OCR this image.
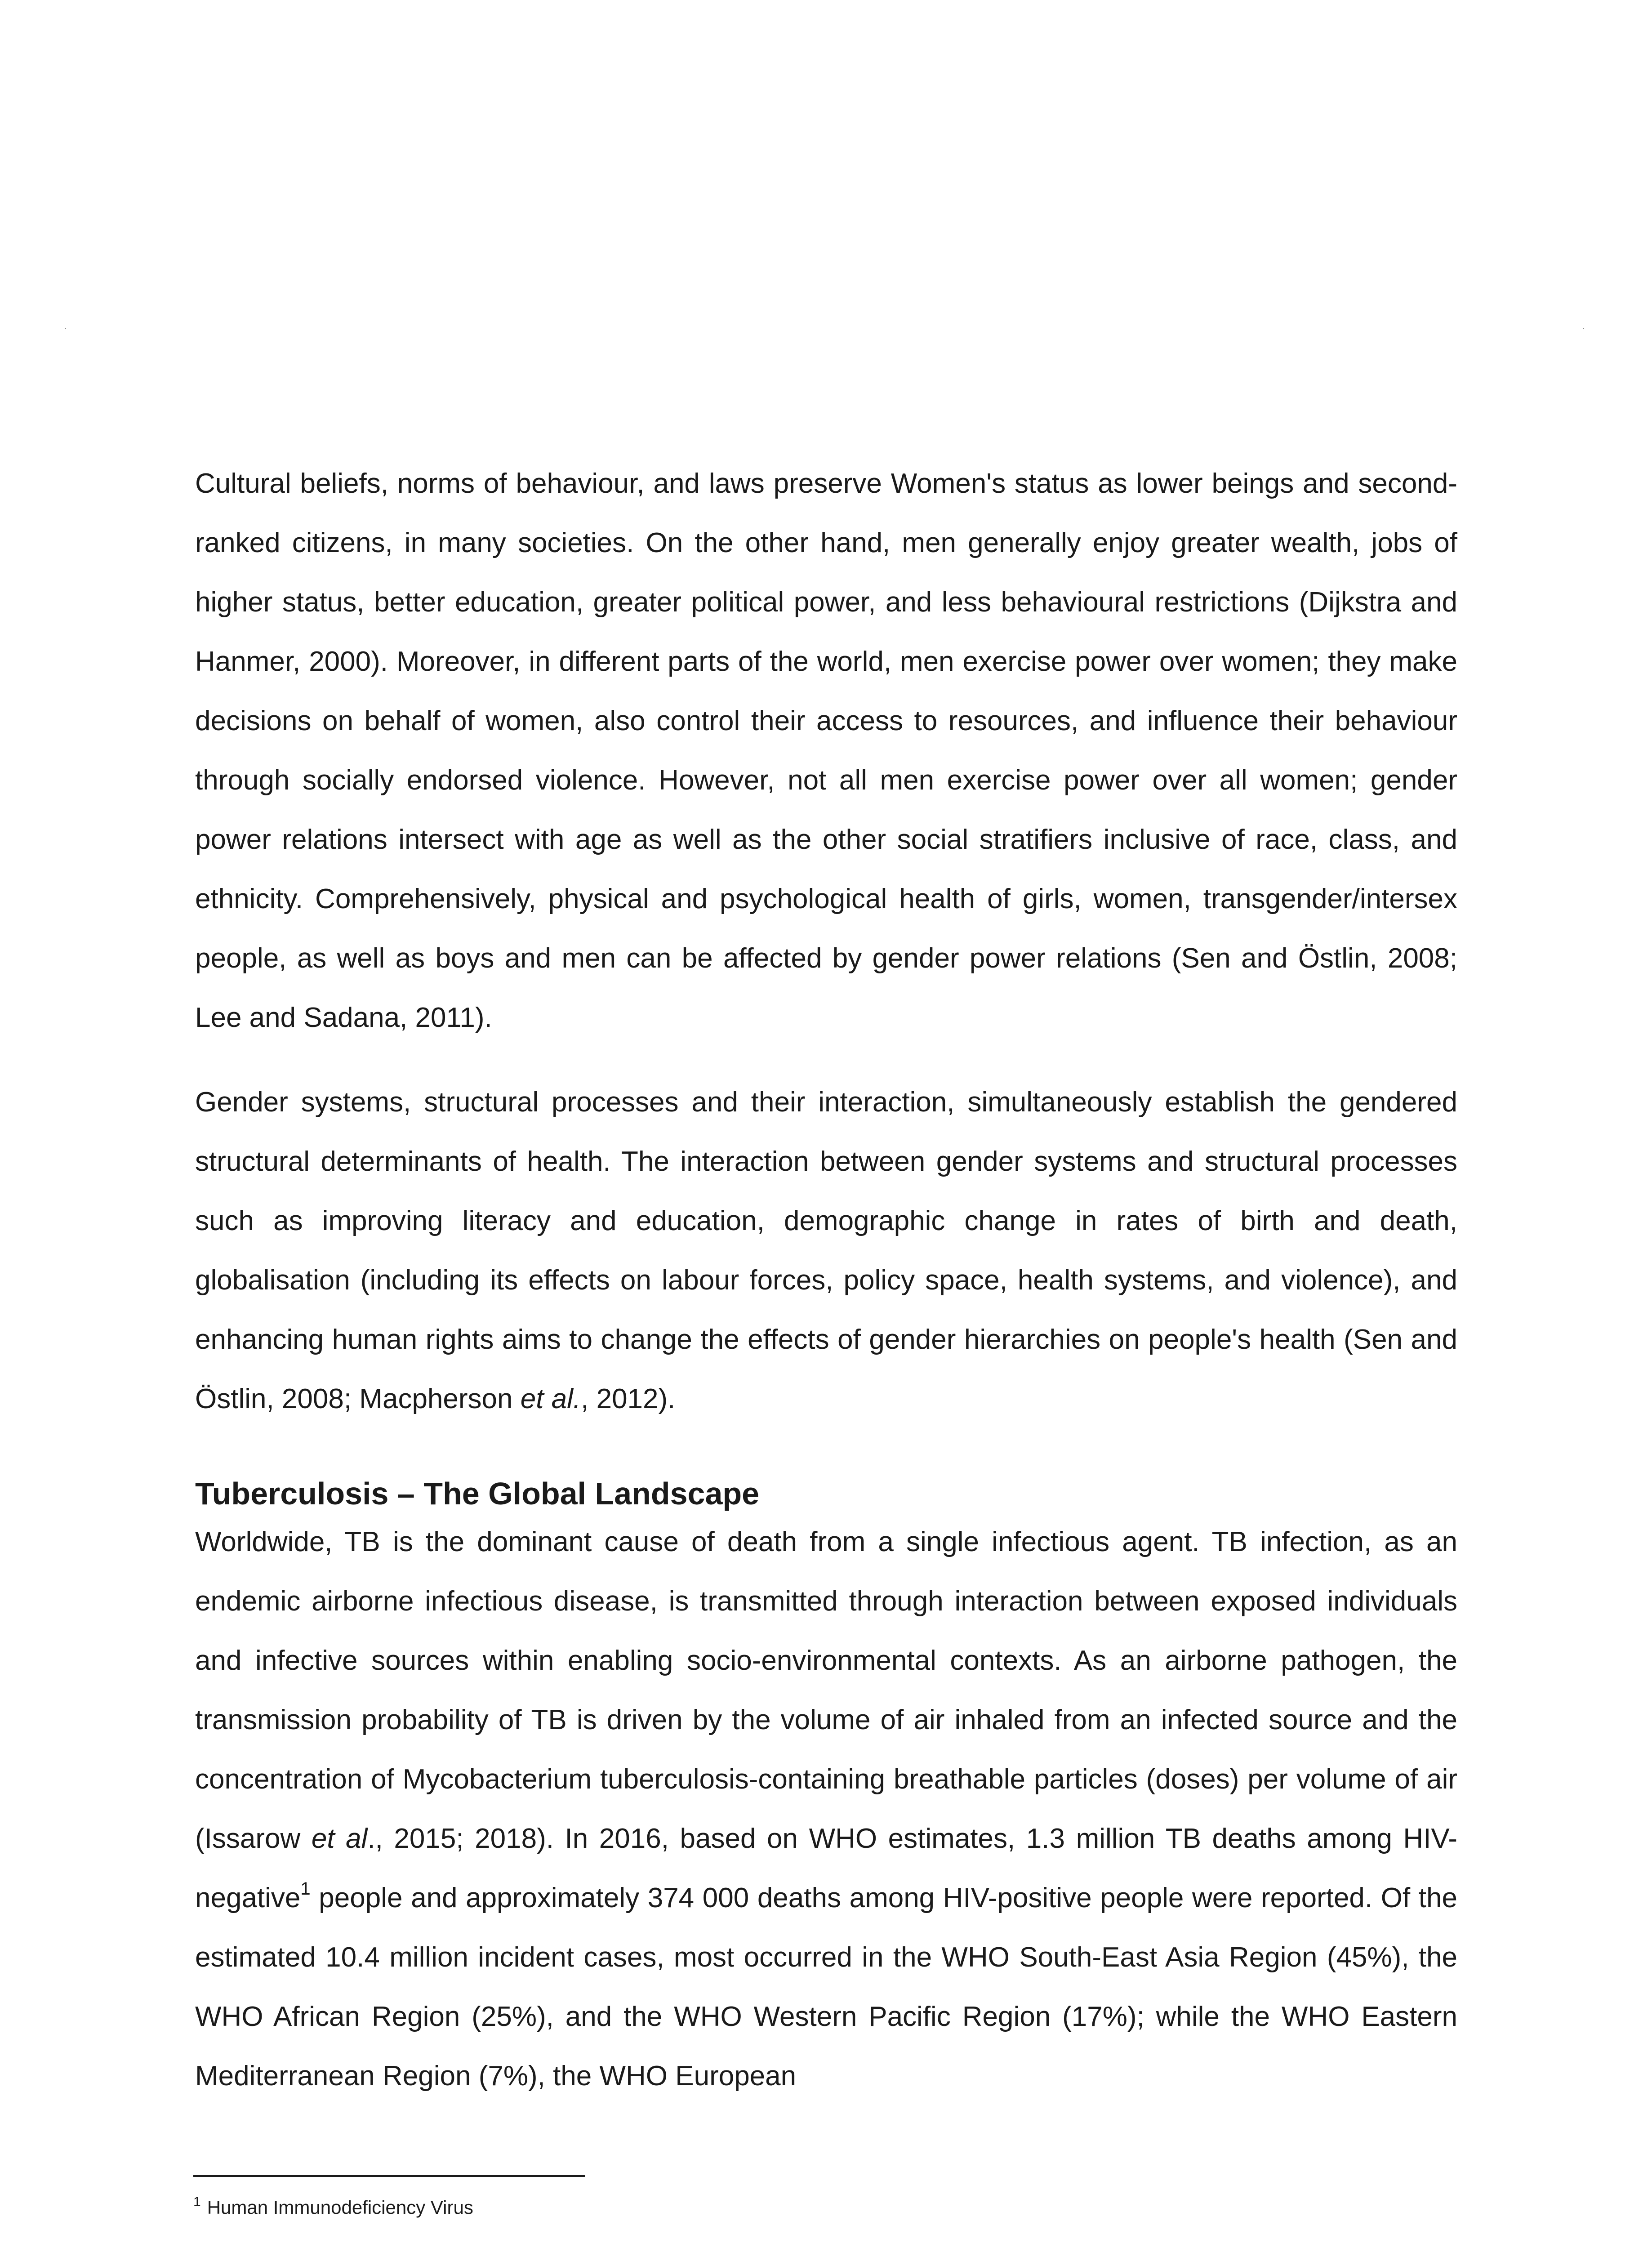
.	.

Cultural beliefs, norms of behaviour, and laws preserve Women's status as lower beings and second-ranked citizens, in many societies. On the other hand, men generally enjoy greater wealth, jobs of higher status, better education, greater political power, and less behavioural restrictions (Dijkstra and Hanmer, 2000). Moreover, in different parts of the world, men exercise power over women; they make decisions on behalf of women, also control their access to resources, and influence their behaviour through socially endorsed violence. However, not all men exercise power over all women; gender power relations intersect with age as well as the other social stratifiers inclusive of race, class, and ethnicity. Comprehensively, physical and psychological health of girls, women, transgender/intersex people, as well as boys and men can be affected by gender power relations (Sen and Östlin, 2008; Lee and Sadana, 2011).

Gender systems, structural processes and their interaction, simultaneously establish the gendered structural determinants of health. The interaction between gender systems and structural processes such as improving literacy and education, demographic change in rates of birth and death, globalisation (including its effects on labour forces, policy space, health systems, and violence), and enhancing human rights aims to change the effects of gender hierarchies on people's health (Sen and Östlin, 2008; Macpherson et al., 2012).

Tuberculosis – The Global Landscape

Worldwide, TB is the dominant cause of death from a single infectious agent. TB infection, as an endemic airborne infectious disease, is transmitted through interaction between exposed individuals and infective sources within enabling socio-environmental contexts. As an airborne pathogen, the transmission probability of TB is driven by the volume of air inhaled from an infected source and the concentration of Mycobacterium tuberculosis-containing breathable particles (doses) per volume of air (Issarow et al., 2015; 2018). In 2016, based on WHO estimates, 1.3 million TB deaths among HIV-negative$^1$ people and approximately 374 000 deaths among HIV-positive people were reported. Of the estimated 10.4 million incident cases, most occurred in the WHO South-East Asia Region (45%), the WHO African Region (25%), and the WHO Western Pacific Region (17%); while the WHO Eastern Mediterranean Region (7%), the WHO European

$^1$ Human Immunodeficiency Virus
